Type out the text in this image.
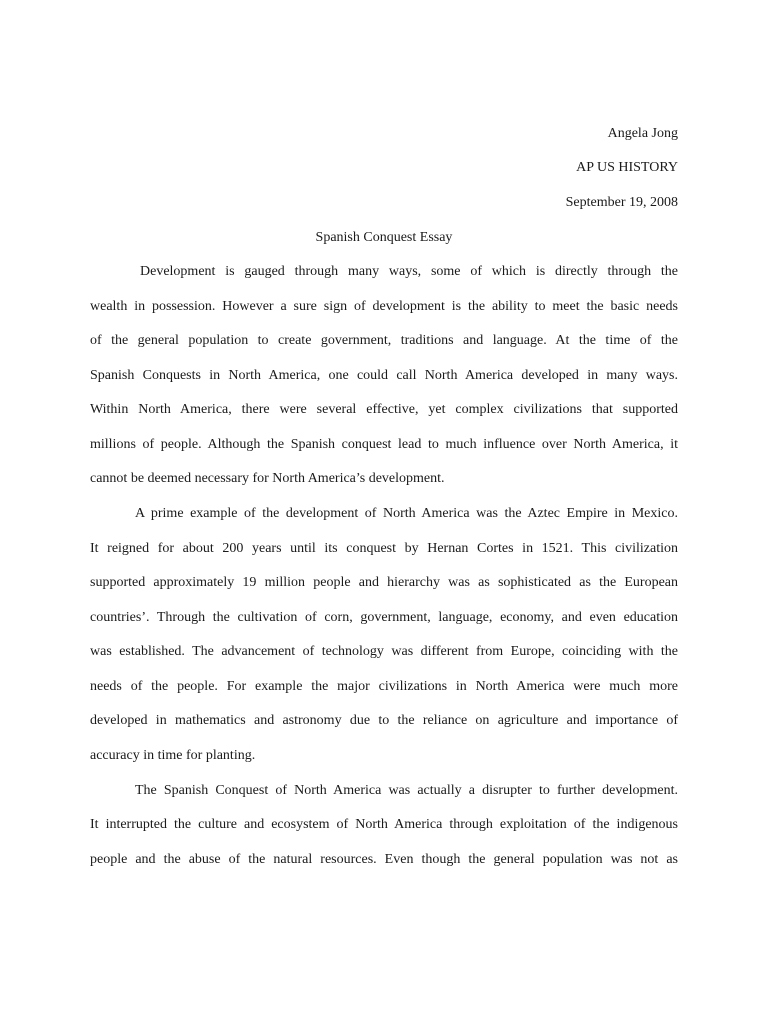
Angela Jong
AP US HISTORY
September 19, 2008
Spanish Conquest Essay
Development is gauged through many ways, some of which is directly through the
wealth in possession. However a sure sign of development is the ability to meet the basic needs
of the general population to create government, traditions and language. At the time of the
Spanish Conquests in North America, one could call North America developed in many ways.
Within North America, there were several effective, yet complex civilizations that supported
millions of people. Although the Spanish conquest lead to much influence over North America, it
cannot be deemed necessary for North America’s development.
A prime example of the development of North America was the Aztec Empire in Mexico.
It reigned for about 200 years until its conquest by Hernan Cortes in 1521. This civilization
supported approximately 19 million people and hierarchy was as sophisticated as the European
countries’. Through the cultivation of corn, government, language, economy, and even education
was established. The advancement of technology was different from Europe, coinciding with the
needs of the people. For example the major civilizations in North America were much more
developed in mathematics and astronomy due to the reliance on agriculture and importance of
accuracy in time for planting.
The Spanish Conquest of North America was actually a disrupter to further development.
It interrupted the culture and ecosystem of North America through exploitation of the indigenous
people and the abuse of the natural resources. Even though the general population was not as
